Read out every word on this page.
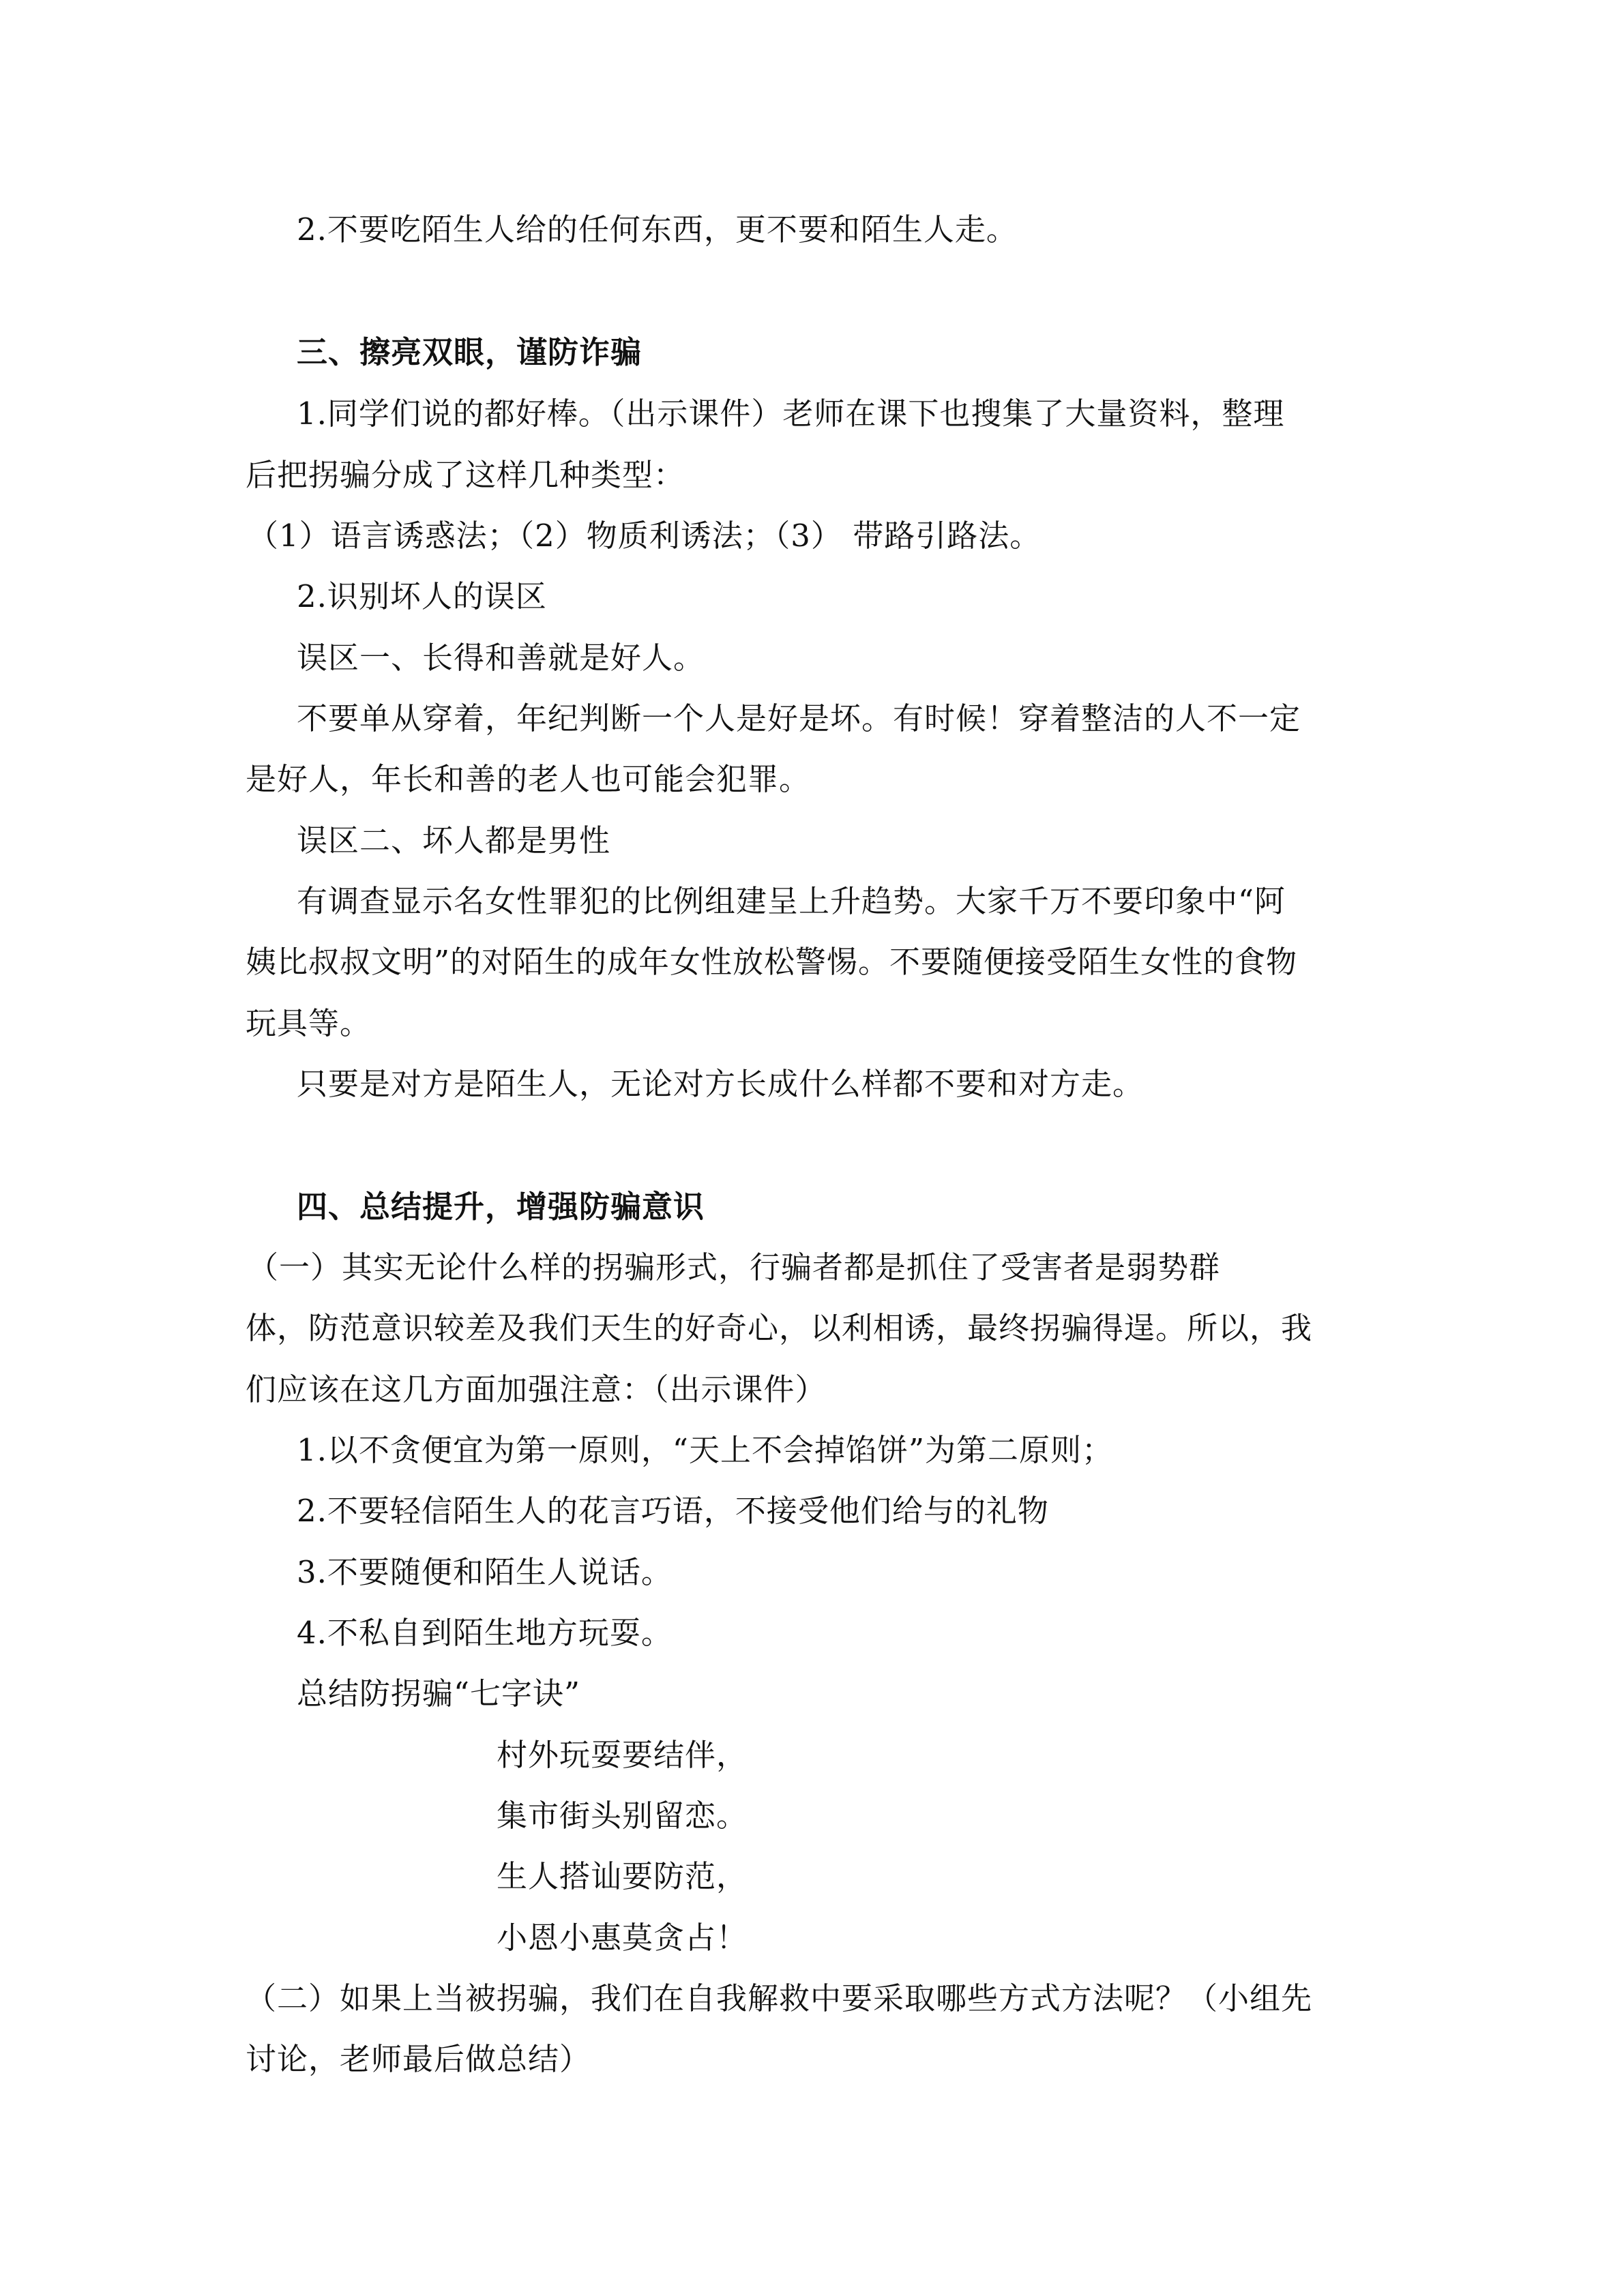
2.不要吃陌生人给的任何东西，更不要和陌生人走。
三、擦亮双眼，谨防诈骗
1.同学们说的都好棒。（出示课件）老师在课下也搜集了大量资料，整理
后把拐骗分成了这样几种类型：
（1）语言诱惑法；（2）物质利诱法；（3） 带路引路法。
2.识别坏人的误区
误区一、长得和善就是好人。
不要单从穿着，年纪判断一个人是好是坏。有时候！穿着整洁的人不一定
是好人，年长和善的老人也可能会犯罪。
误区二、坏人都是男性
有调查显示名女性罪犯的比例组建呈上升趋势。大家千万不要印象中“阿
姨比叔叔文明”的对陌生的成年女性放松警惕。不要随便接受陌生女性的食物
玩具等。
只要是对方是陌生人，无论对方长成什么样都不要和对方走。
四、总结提升，增强防骗意识
（一）其实无论什么样的拐骗形式，行骗者都是抓住了受害者是弱势群
体，防范意识较差及我们天生的好奇心，以利相诱，最终拐骗得逞。所以，我
们应该在这几方面加强注意：（出示课件）
1.以不贪便宜为第一原则，“天上不会掉馅饼”为第二原则；
2.不要轻信陌生人的花言巧语，不接受他们给与的礼物
3.不要随便和陌生人说话。
4.不私自到陌生地方玩耍。
总结防拐骗“七字诀”
村外玩耍要结伴，
集市街头别留恋。
生人搭讪要防范，
小恩小惠莫贪占！
（二）如果上当被拐骗，我们在自我解救中要采取哪些方式方法呢？（小组先
讨论，老师最后做总结）
